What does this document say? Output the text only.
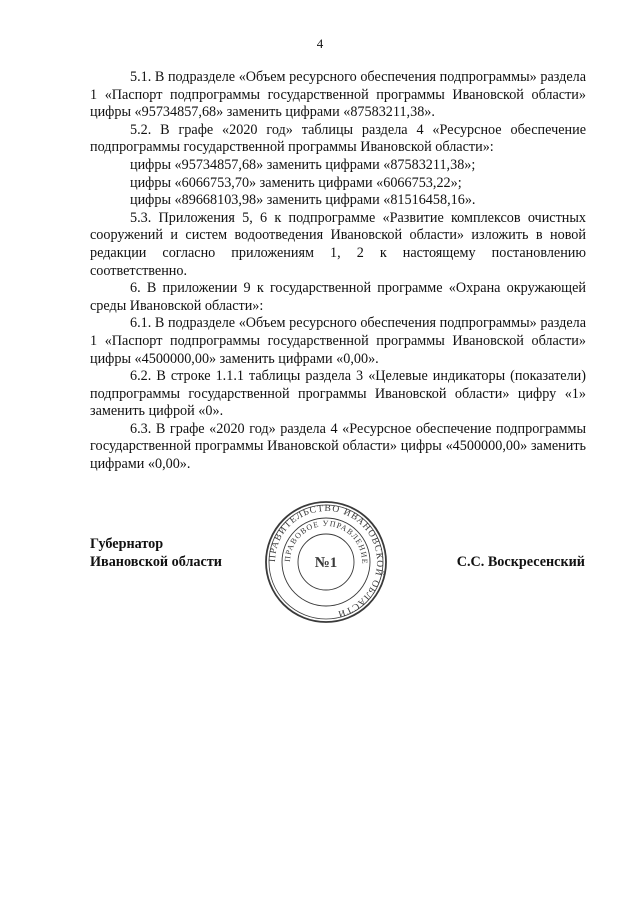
4

5.1. В подразделе «Объем ресурсного обеспечения подпрограммы» раздела 1 «Паспорт подпрограммы государственной программы Ивановской области» цифры «95734857,68» заменить цифрами «87583211,38».

5.2. В графе «2020 год» таблицы раздела 4 «Ресурсное обеспечение подпрограммы государственной программы Ивановской области»:

цифры «95734857,68» заменить цифрами «87583211,38»;

цифры «6066753,70» заменить цифрами «6066753,22»;

цифры «89668103,98» заменить цифрами «81516458,16».

5.3. Приложения 5, 6 к подпрограмме «Развитие комплексов очистных сооружений и систем водоотведения Ивановской области» изложить в новой редакции согласно приложениям 1, 2 к настоящему постановлению соответственно.

6. В приложении 9 к государственной программе «Охрана окружающей среды Ивановской области»:

6.1. В подразделе «Объем ресурсного обеспечения подпрограммы» раздела 1 «Паспорт подпрограммы государственной программы Ивановской области» цифры «4500000,00» заменить цифрами «0,00».

6.2. В строке 1.1.1 таблицы раздела 3 «Целевые индикаторы (показатели) подпрограммы государственной программы Ивановской области» цифру «1» заменить цифрой «0».

6.3. В графе «2020 год» раздела 4 «Ресурсное обеспечение подпрограммы государственной программы Ивановской области» цифры «4500000,00» заменить цифрами «0,00».

Губернатор
Ивановской области	С.С. Воскресенский
ПРАВИТЕЛЬСТВО ИВАНОВСКОЙ ОБЛАСТИ
ПРАВОВОЕ УПРАВЛЕНИЕ
№1
